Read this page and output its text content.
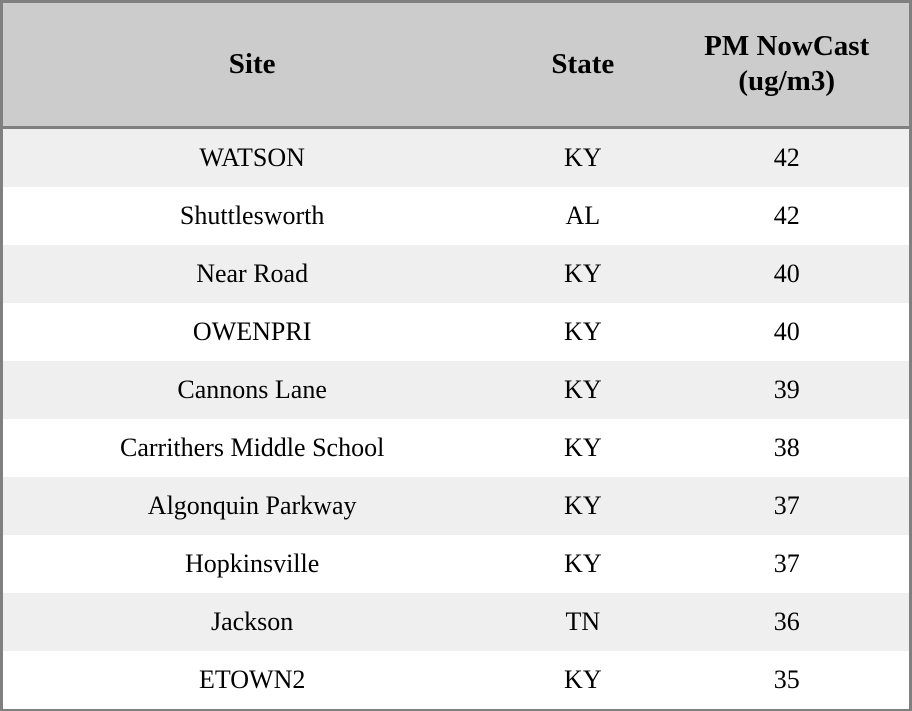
Site	State	PM NowCast (ug/m3)
WATSON	KY	42
Shuttlesworth	AL	42
Near Road	KY	40
OWENPRI	KY	40
Cannons Lane	KY	39
Carrithers Middle School	KY	38
Algonquin Parkway	KY	37
Hopkinsville	KY	37
Jackson	TN	36
ETOWN2	KY	35
